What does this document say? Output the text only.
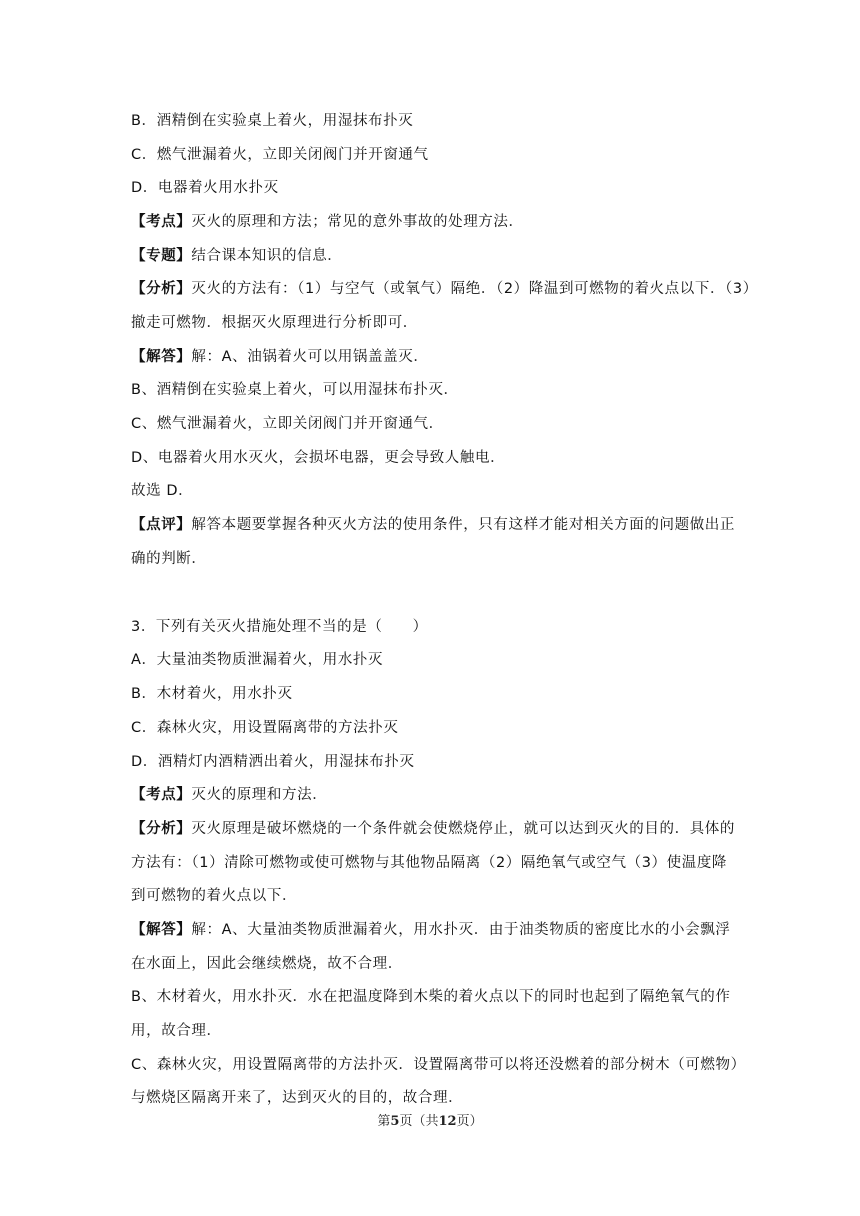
B．酒精倒在实验桌上着火，用湿抹布扑灭
C．燃气泄漏着火，立即关闭阀门并开窗通气
D．电器着火用水扑灭
【考点】灭火的原理和方法；常见的意外事故的处理方法．
【专题】结合课本知识的信息．
【分析】灭火的方法有：（1）与空气（或氧气）隔绝．（2）降温到可燃物的着火点以下．（3）
撤走可燃物．根据灭火原理进行分析即可．
【解答】解：A、油锅着火可以用锅盖盖灭．
B、酒精倒在实验桌上着火，可以用湿抹布扑灭．
C、燃气泄漏着火，立即关闭阀门并开窗通气．
D、电器着火用水灭火，会损坏电器，更会导致人触电．
故选 D．
【点评】解答本题要掌握各种灭火方法的使用条件，只有这样才能对相关方面的问题做出正
确的判断．
3．下列有关灭火措施处理不当的是（　　）
A．大量油类物质泄漏着火，用水扑灭
B．木材着火，用水扑灭
C．森林火灾，用设置隔离带的方法扑灭
D．酒精灯内酒精洒出着火，用湿抹布扑灭
【考点】灭火的原理和方法．
【分析】灭火原理是破坏燃烧的一个条件就会使燃烧停止，就可以达到灭火的目的．具体的
方法有：（1）清除可燃物或使可燃物与其他物品隔离（2）隔绝氧气或空气（3）使温度降
到可燃物的着火点以下．
【解答】解：A、大量油类物质泄漏着火，用水扑灭．由于油类物质的密度比水的小会飘浮
在水面上，因此会继续燃烧，故不合理．
B、木材着火，用水扑灭．水在把温度降到木柴的着火点以下的同时也起到了隔绝氧气的作
用，故合理．
C、森林火灾，用设置隔离带的方法扑灭．设置隔离带可以将还没燃着的部分树木（可燃物）
与燃烧区隔离开来了，达到灭火的目的，故合理．
第5页（共12页）
